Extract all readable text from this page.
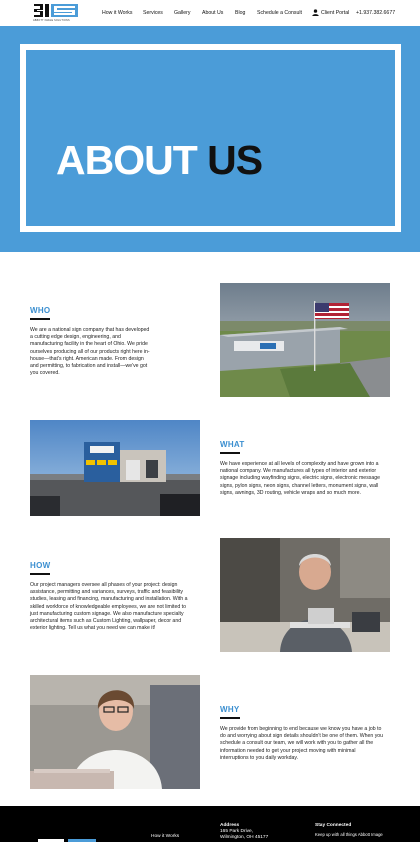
ABBOTT IMAGE SOLUTIONS
How it Works Services Gallery About Us Blog Schedule a Consult	Client Portal +1.937.382.6677
ABOUT US
WHO
We are a national sign company that has developed
a cutting edge design, engineering, and
manufacturing facility in the heart of Ohio. We pride
ourselves producing all of our products right here in-
house—that's right. American made. From design
and permitting, to fabrication and install—we've got
you covered.
WHAT
We have experience at all levels of complexity and have grown into a
national company. We manufactures all types of interior and exterior
signage including wayfinding signs, electric signs, electronic message
signs, pylon signs, neon signs, channel letters, monument signs, wall
signs, awnings, 3D routing, vehicle wraps and so much more.
HOW
Our project managers oversee all phases of your project: design
assistance, permitting and variances, surveys, traffic and feasibility
studies, leasing and financing, manufacturing and installation. With a
skilled workforce of knowledgeable employees, we are not limited to
just manufacturing custom signage. We also manufacture specialty
architectural items such as Custom Lighting, wallpaper, decor and
exterior lighting. Tell us what you need we can make it!
WHY
We provide from beginning to end because we know you have a job to
do and worrying about sign details shouldn't be one of them. When you
schedule a consult our team, we will work with you to gather all the
information needed to get your project moving with minimal
interruptions to you daily workday.
How it Works
Address
165 Park Drive,
Wilmington, OH 45177
Stay Connected
Keep up with all things Abbott Image
